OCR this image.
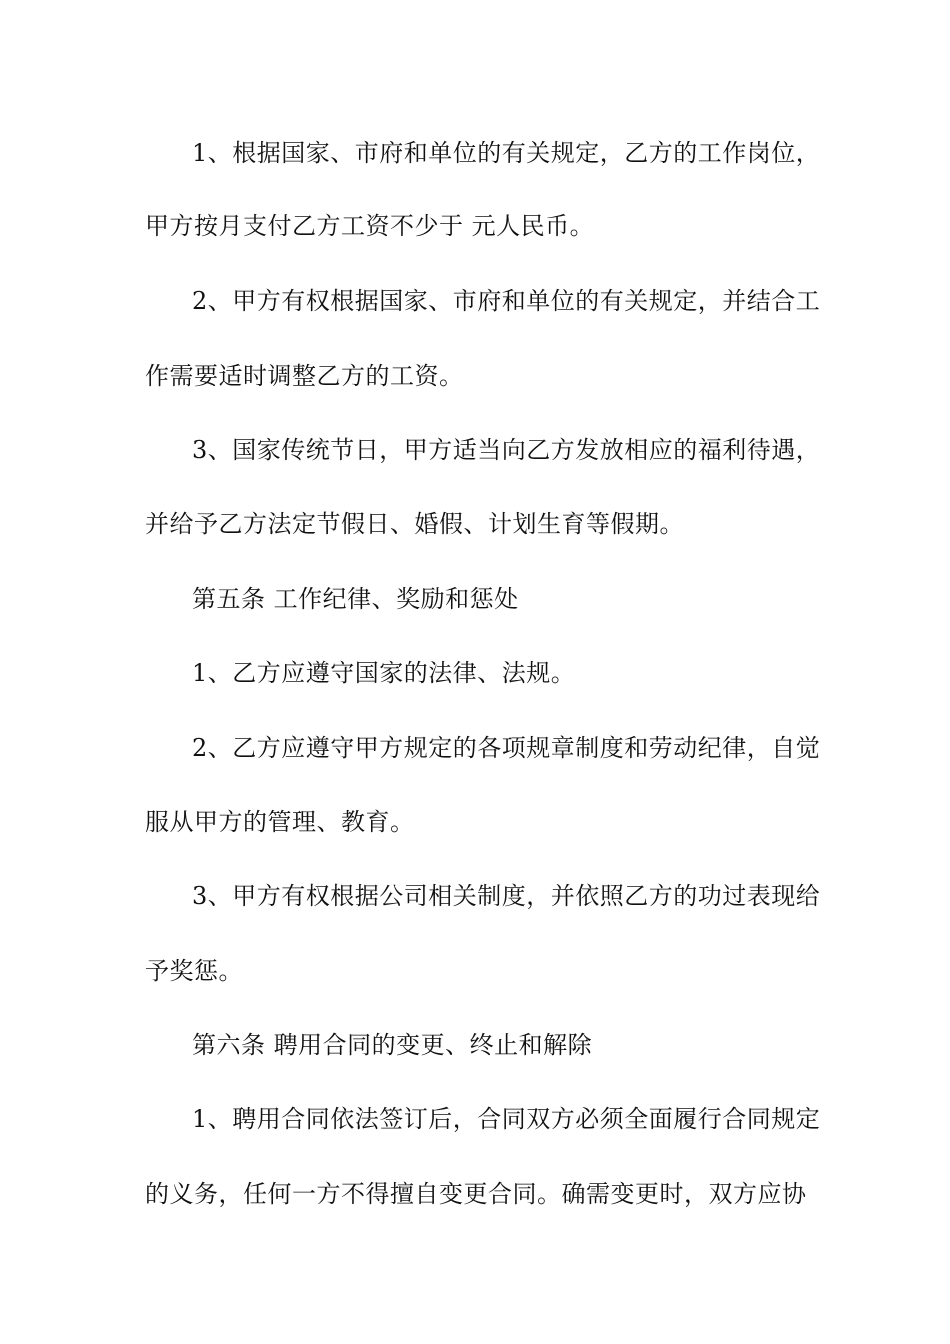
1、根据国家、市府和单位的有关规定，乙方的工作岗位，
甲方按月支付乙方工资不少于 元人民币。
2、甲方有权根据国家、市府和单位的有关规定，并结合工
作需要适时调整乙方的工资。
3、国家传统节日，甲方适当向乙方发放相应的福利待遇，
并给予乙方法定节假日、婚假、计划生育等假期。
第五条 工作纪律、奖励和惩处
1、乙方应遵守国家的法律、法规。
2、乙方应遵守甲方规定的各项规章制度和劳动纪律，自觉
服从甲方的管理、教育。
3、甲方有权根据公司相关制度，并依照乙方的功过表现给
予奖惩。
第六条 聘用合同的变更、终止和解除
1、聘用合同依法签订后，合同双方必须全面履行合同规定
的义务，任何一方不得擅自变更合同。确需变更时，双方应协
